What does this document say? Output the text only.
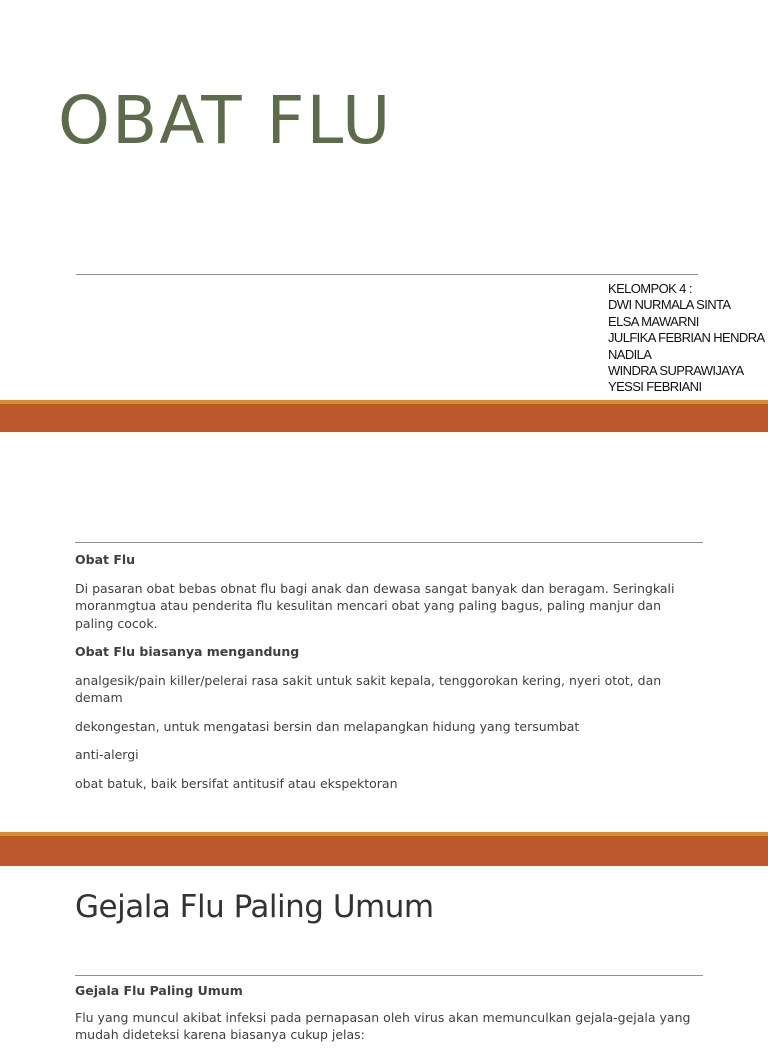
OBAT FLU
KELOMPOK 4 :
DWI NURMALA SINTA
ELSA MAWARNI
JULFIKA FEBRIAN HENDRA
NADILA
WINDRA SUPRAWIJAYA
YESSI FEBRIANI

Obat Flu

Di pasaran obat bebas obnat flu bagi anak dan dewasa sangat banyak dan beragam. Seringkali moranmgtua atau penderita flu kesulitan mencari obat yang paling bagus, paling manjur dan paling cocok.

Obat Flu biasanya mengandung

analgesik/pain killer/pelerai rasa sakit untuk sakit kepala, tenggorokan kering, nyeri otot, dan demam

dekongestan, untuk mengatasi bersin dan melapangkan hidung yang tersumbat

anti-alergi

obat batuk, baik bersifat antitusif atau ekspektoran

Gejala Flu Paling Umum

Gejala Flu Paling Umum

Flu yang muncul akibat infeksi pada pernapasan oleh virus akan memunculkan gejala-gejala yang mudah dideteksi karena biasanya cukup jelas:
